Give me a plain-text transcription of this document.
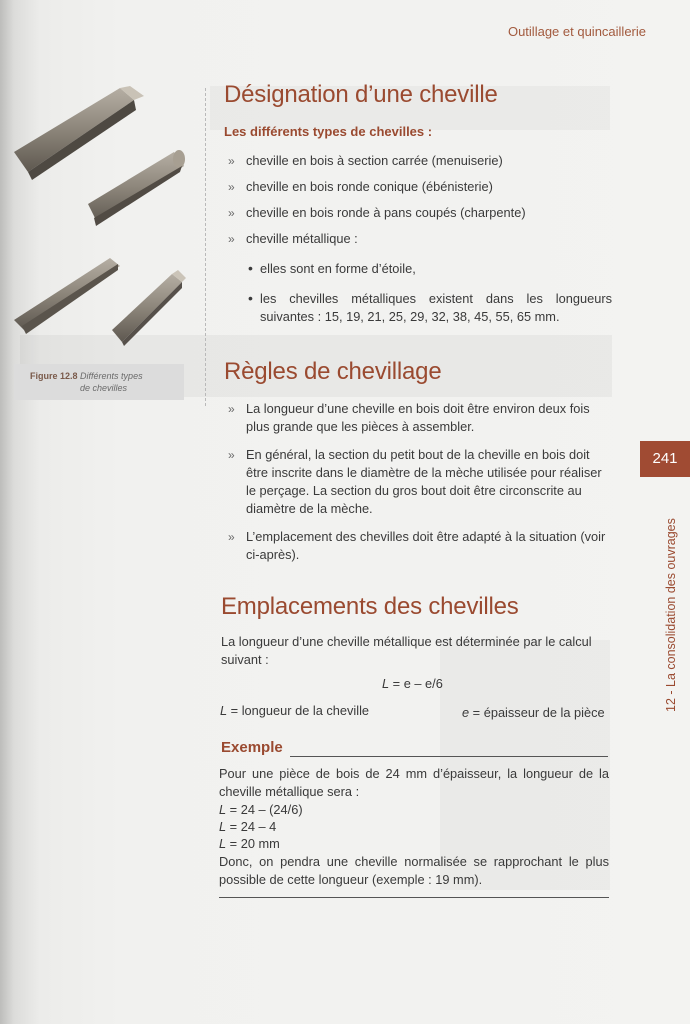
Outillage et quincaillerie
Figure 12.8 Différents types
de chevilles
Désignation d’une cheville
Les différents types de chevilles :
» cheville en bois à section carrée (menuiserie)
» cheville en bois ronde conique (ébénisterie)
» cheville en bois ronde à pans coupés (charpente)
» cheville métallique :
• elles sont en forme d’étoile,
• les chevilles métalliques existent dans les longueurs suivantes : 15, 19, 21, 25, 29, 32, 38, 45, 55, 65 mm.
Règles de chevillage
» La longueur d’une cheville en bois doit être environ deux fois plus grande que les pièces à assembler.
» En général, la section du petit bout de la cheville en bois doit être inscrite dans le diamètre de la mèche utilisée pour réaliser le perçage. La section du gros bout doit être circonscrite au diamètre de la mèche.
» L’emplacement des chevilles doit être adapté à la situation (voir ci-après).
Emplacements des chevilles
La longueur d’une cheville métallique est déterminée par le calcul suivant :
L = e – e/6
L = longueur de la cheville	e = épaisseur de la pièce
Exemple
Pour une pièce de bois de 24 mm d’épaisseur, la longueur de la cheville métallique sera :
L = 24 – (24/6)
L = 24 – 4
L = 20 mm
Donc, on pendra une cheville normalisée se rapprochant le plus possible de cette longueur (exemple : 19 mm).
241
12 - La consolidation des ouvrages
